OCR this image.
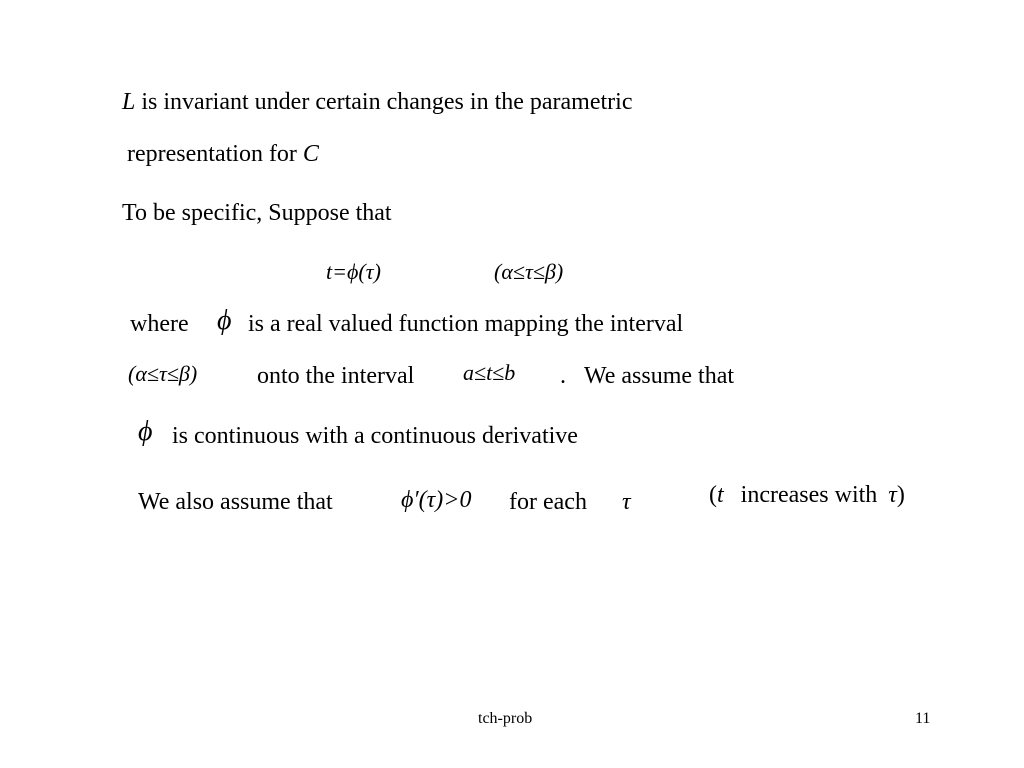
L is invariant under certain changes in the parametric
representation for C
To be specific, Suppose that
t=ϕ(τ)	(α≤τ≤β)
where ϕ is a real valued function mapping the interval
(α≤τ≤β) onto the interval a≤t≤b . We assume that
ϕ is continuous with a continuous derivative
We also assume that	ϕ′(τ)>0 for each τ	(t increases with τ)
tch-prob	11
